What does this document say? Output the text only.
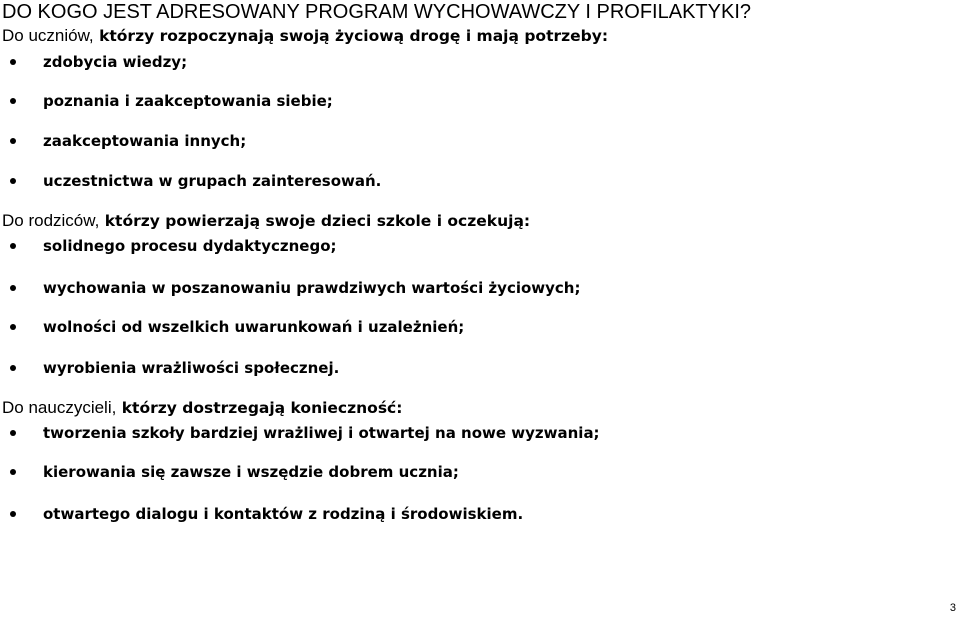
DO KOGO JEST ADRESOWANY PROGRAM WYCHOWAWCZY I PROFILAKTYKI?
Do uczniów, którzy rozpoczynają swoją życiową drogę i mają potrzeby:
zdobycia wiedzy;
poznania i zaakceptowania siebie;
zaakceptowania innych;
uczestnictwa w grupach zainteresowań.
Do rodziców, którzy powierzają swoje dzieci szkole i oczekują:
solidnego procesu dydaktycznego;
wychowania w poszanowaniu prawdziwych wartości życiowych;
wolności od wszelkich uwarunkowań i uzależnień;
wyrobienia wrażliwości społecznej.
Do nauczycieli, którzy dostrzegają konieczność:
tworzenia szkoły bardziej wrażliwej i otwartej na nowe wyzwania;
kierowania się zawsze i wszędzie dobrem ucznia;
otwartego dialogu i kontaktów z rodziną i środowiskiem.
3
